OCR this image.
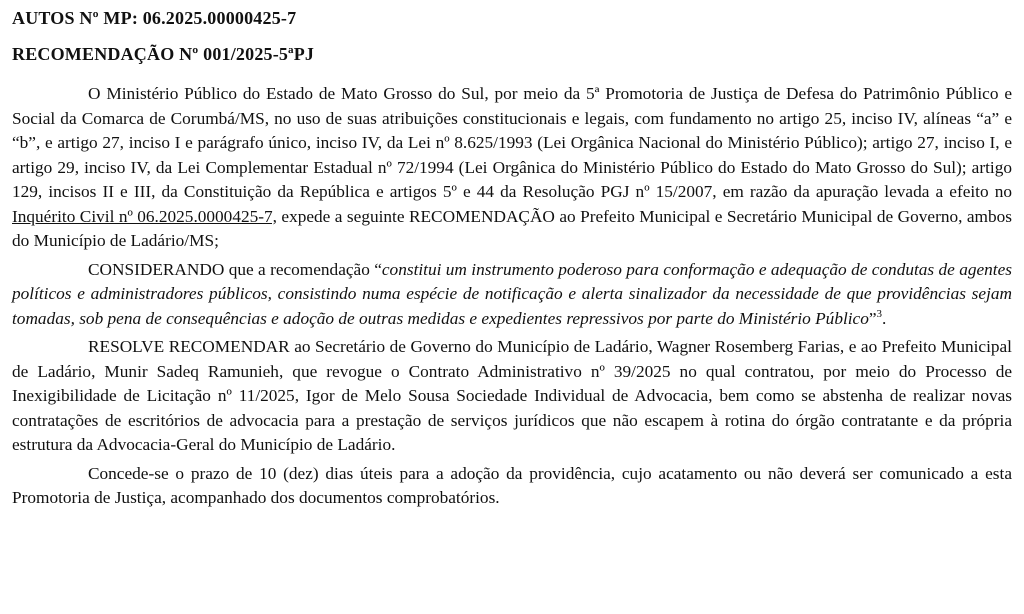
AUTOS Nº MP: 06.2025.00000425-7

RECOMENDAÇÃO Nº 001/2025-5ªPJ

O Ministério Público do Estado de Mato Grosso do Sul, por meio da 5ª Promotoria de Justiça de Defesa do Patrimônio Público e Social da Comarca de Corumbá/MS, no uso de suas atribuições constitucionais e legais, com fundamento no artigo 25, inciso IV, alíneas “a” e “b”, e artigo 27, inciso I e parágrafo único, inciso IV, da Lei nº 8.625/1993 (Lei Orgânica Nacional do Ministério Público); artigo 27, inciso I, e artigo 29, inciso IV, da Lei Complementar Estadual nº 72/1994 (Lei Orgânica do Ministério Público do Estado do Mato Grosso do Sul); artigo 129, incisos II e III, da Constituição da República e artigos 5º e 44 da Resolução PGJ nº 15/2007, em razão da apuração levada a efeito no Inquérito Civil nº 06.2025.0000425-7, expede a seguinte RECOMENDAÇÃO ao Prefeito Municipal e Secretário Municipal de Governo, ambos do Município de Ladário/MS;

CONSIDERANDO que a recomendação “constitui um instrumento poderoso para conformação e adequação de condutas de agentes políticos e administradores públicos, consistindo numa espécie de notificação e alerta sinalizador da necessidade de que providências sejam tomadas, sob pena de consequências e adoção de outras medidas e expedientes repressivos por parte do Ministério Público”$^3$.

RESOLVE RECOMENDAR ao Secretário de Governo do Município de Ladário, Wagner Rosemberg Farias, e ao Prefeito Municipal de Ladário, Munir Sadeq Ramunieh, que revogue o Contrato Administrativo nº 39/2025 no qual contratou, por meio do Processo de Inexigibilidade de Licitação nº 11/2025, Igor de Melo Sousa Sociedade Individual de Advocacia, bem como se abstenha de realizar novas contratações de escritórios de advocacia para a prestação de serviços jurídicos que não escapem à rotina do órgão contratante e da própria estrutura da Advocacia-Geral do Município de Ladário.

Concede-se o prazo de 10 (dez) dias úteis para a adoção da providência, cujo acatamento ou não deverá ser comunicado a esta Promotoria de Justiça, acompanhado dos documentos comprobatórios.
